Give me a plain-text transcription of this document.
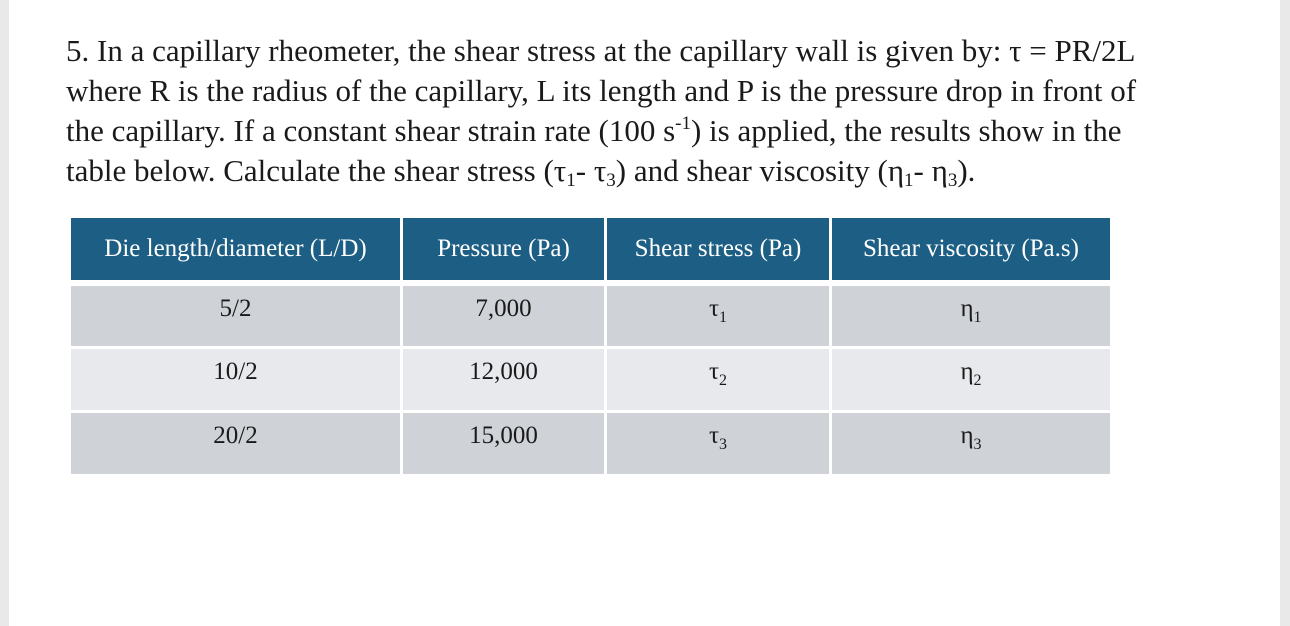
5. In a capillary rheometer, the shear stress at the capillary wall is given by: τ = PR/2L
where R is the radius of the capillary, L its length and P is the pressure drop in front of
the capillary. If a constant shear strain rate (100 $s^{-1}$) is applied, the results show in the
table below. Calculate the shear stress ($\tau_1-$ $\tau_3$) and shear viscosity ($\eta_1-$ $\eta_3$).
Die length/diameter (L/D)	Pressure (Pa)	Shear stress (Pa)	Shear viscosity (Pa.s)
5/2	7,000	$\tau_1$	$\eta_1$
10/2	12,000	$\tau_2$	$\eta_2$
20/2	15,000	$\tau_3$	$\eta_3$
